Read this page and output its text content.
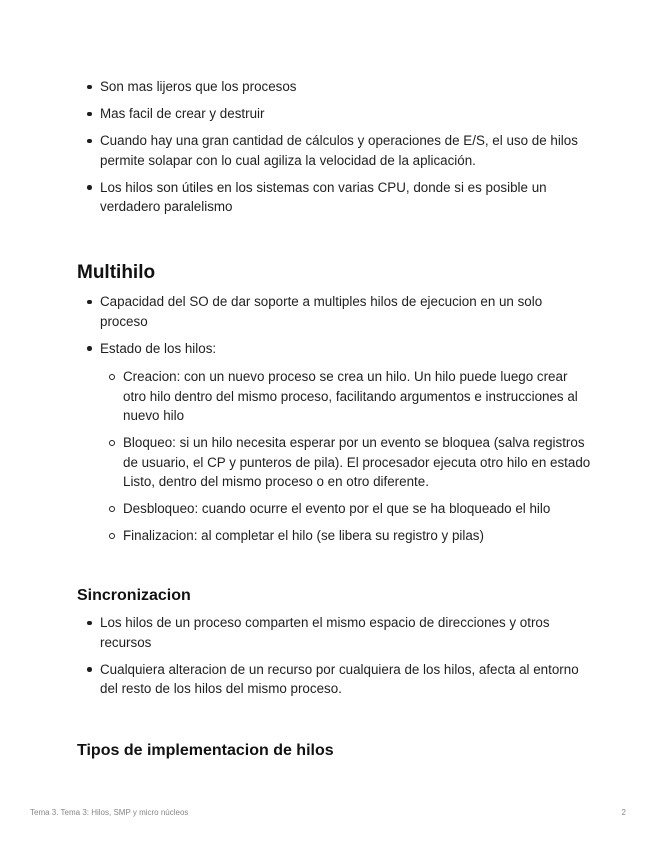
Son mas lijeros que los procesos
Mas facil de crear y destruir
Cuando hay una gran cantidad de cálculos y operaciones de E/S, el uso de hilos permite solapar con lo cual agiliza la velocidad de la aplicación.
Los hilos son útiles en los sistemas con varias CPU, donde si es posible un verdadero paralelismo
Multihilo
Capacidad del SO de dar soporte a multiples hilos de ejecucion en un solo proceso
Estado de los hilos:
Creacion: con un nuevo proceso se crea un hilo. Un hilo puede luego crear otro hilo dentro del mismo proceso, facilitando argumentos e instrucciones al nuevo hilo
Bloqueo: si un hilo necesita esperar por un evento se bloquea (salva registros de usuario, el CP y punteros de pila). El procesador ejecuta otro hilo en estado Listo, dentro del mismo proceso o en otro diferente.
Desbloqueo: cuando ocurre el evento por el que se ha bloqueado el hilo
Finalizacion: al completar el hilo (se libera su registro y pilas)
Sincronizacion
Los hilos de un proceso comparten el mismo espacio de direcciones y otros recursos
Cualquiera alteracion de un recurso por cualquiera de los hilos, afecta al entorno del resto de los hilos del mismo proceso.
Tipos de implementacion de hilos
Tema 3. Tema 3: Hilos, SMP y micro núcleos	2
